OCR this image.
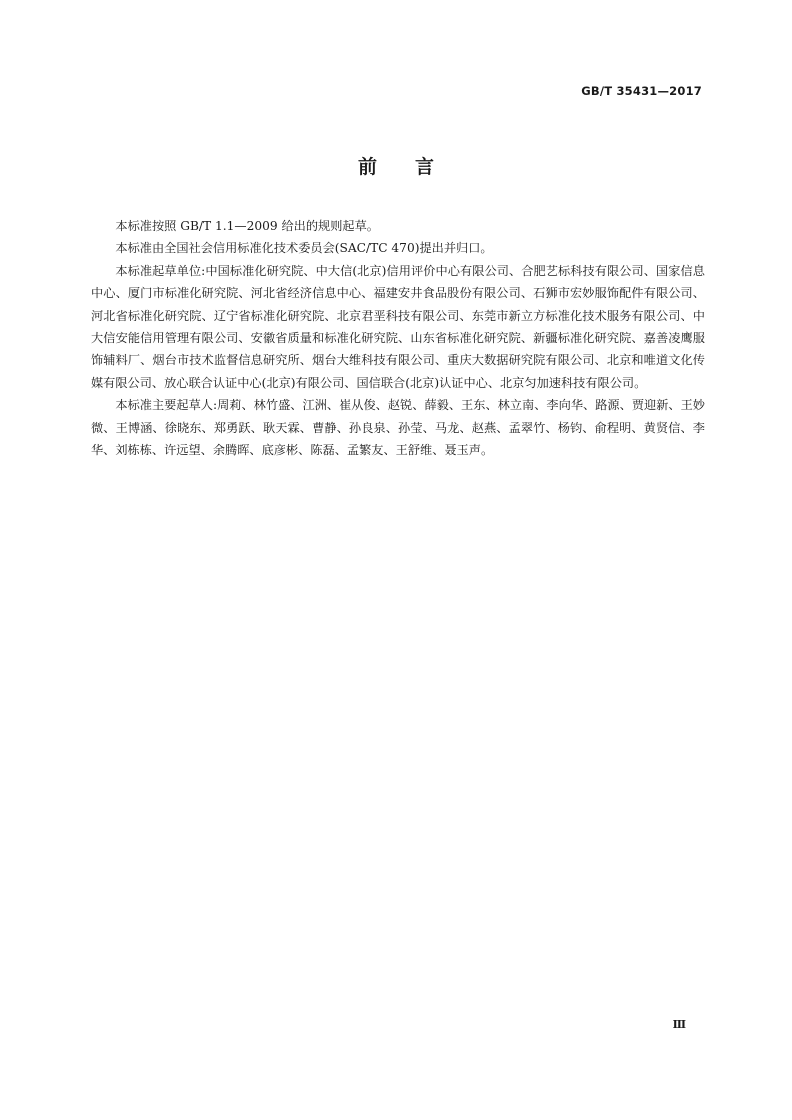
GB/T 35431—2017
前言

本标准按照 GB/T 1.1—2009 给出的规则起草。

本标准由全国社会信用标准化技术委员会(SAC/TC 470)提出并归口。

本标准起草单位:中国标准化研究院、中大信(北京)信用评价中心有限公司、合肥艺标科技有限公司、国家信息中心、厦门市标准化研究院、河北省经济信息中心、福建安井食品股份有限公司、石狮市宏妙服饰配件有限公司、河北省标准化研究院、辽宁省标准化研究院、北京君垩科技有限公司、东莞市新立方标准化技术服务有限公司、中大信安能信用管理有限公司、安徽省质量和标准化研究院、山东省标准化研究院、新疆标准化研究院、嘉善凌鹰服饰辅料厂、烟台市技术监督信息研究所、烟台大维科技有限公司、重庆大数据研究院有限公司、北京和唯道文化传媒有限公司、放心联合认证中心(北京)有限公司、国信联合(北京)认证中心、北京匀加速科技有限公司。

本标准主要起草人:周莉、林竹盛、江洲、崔从俊、赵锐、薛毅、王东、林立南、李向华、路源、贾迎新、王妙微、王博涵、徐晓东、郑勇跃、耿天霖、曹静、孙良泉、孙莹、马龙、赵燕、孟翠竹、杨钧、俞程明、黄贤信、李华、刘栋栋、许远望、余腾晖、底彦彬、陈磊、孟繁友、王舒维、聂玉声。

Ⅲ
